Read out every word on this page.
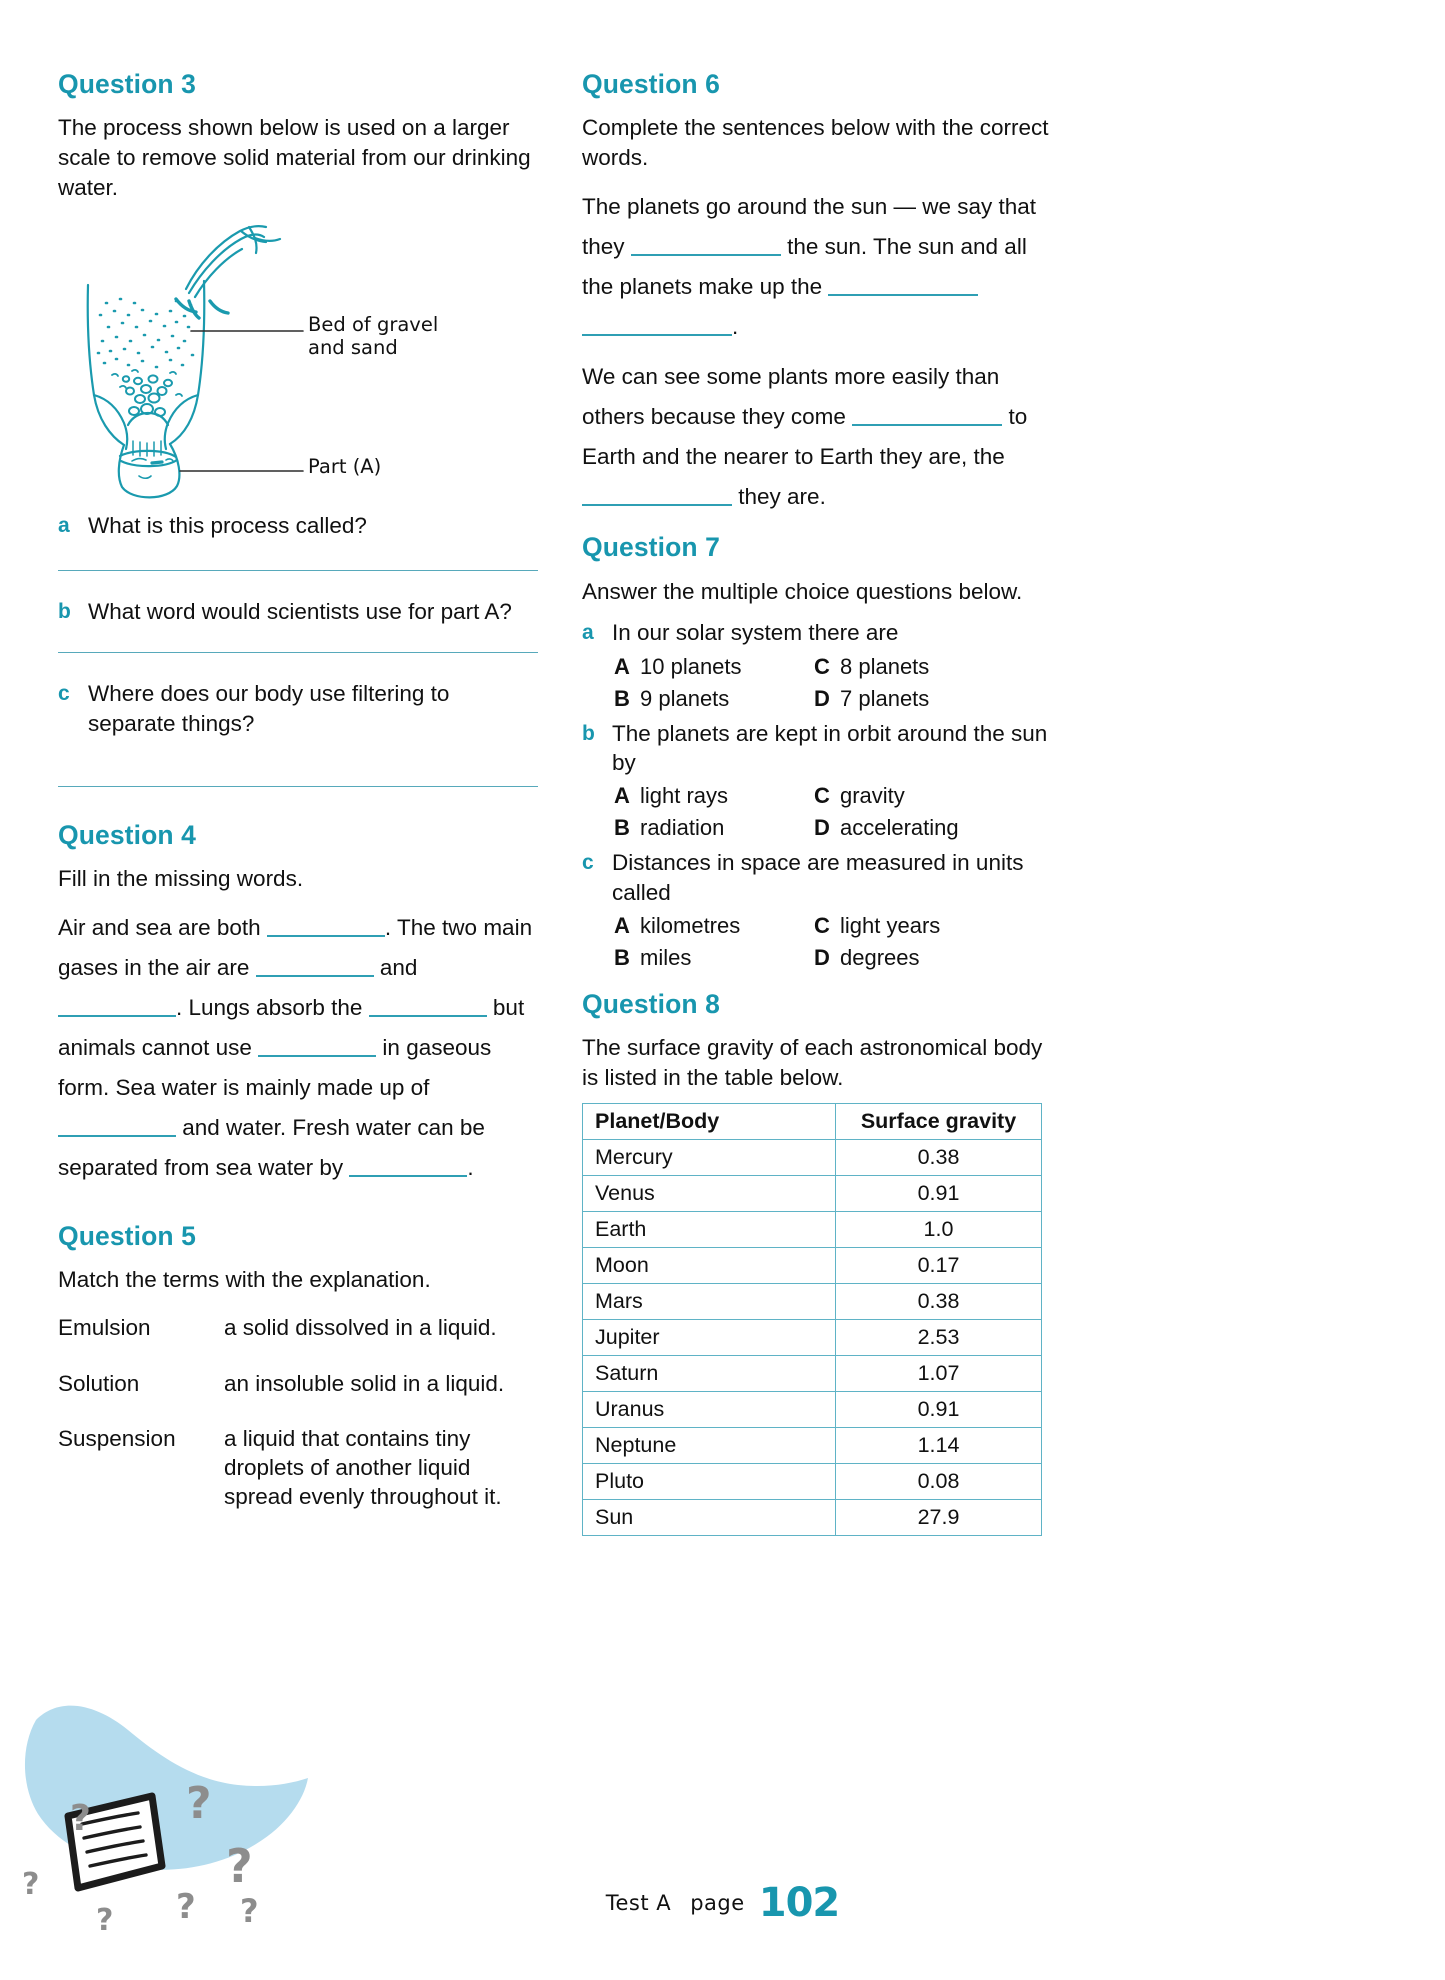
Question 3
The process shown below is used on a larger scale to remove solid material from our drinking water.
Bed of gravel
and sand
Part (A)
a What is this process called?
b What word would scientists use for part A?
c Where does our body use filtering to separate things?
Question 4
Fill in the missing words.
Air and sea are both	. The two main gases in the air are	and . Lungs absorb the	but animals cannot use	in gaseous form. Sea water is mainly made up of  and water. Fresh water can be separated from sea water by	.
Question 5
Match the terms with the explanation.
Emulsion	a solid dissolved in a liquid.
Solution	an insoluble solid in a liquid.
Suspension	a liquid that contains tiny droplets of another liquid spread evenly throughout it.
Question 6
Complete the sentences below with the correct words.
The planets go around the sun — we say that they	the sun. The sun and all the planets make up the  .
We can see some plants more easily than others because they come	to Earth and the nearer to Earth they are, the  they are.
Question 7
Answer the multiple choice questions below.
a In our solar system there are
A 10 planets	C 8 planets
B 9 planets	D 7 planets
b The planets are kept in orbit around the sun by
A light rays	C gravity
B radiation	D accelerating
c Distances in space are measured in units called
A kilometres	C light years
B miles	D degrees
Question 8
The surface gravity of each astronomical body is listed in the table below.
Planet/Body	Surface gravity
Mercury	0.38
Venus	0.91
Earth	1.0
Moon	0.17
Mars	0.38
Jupiter	2.53
Saturn	1.07
Uranus	0.91
Neptune	1.14
Pluto	0.08
Sun	27.9
?
?
?
?
? ?
?	Test A page 102
